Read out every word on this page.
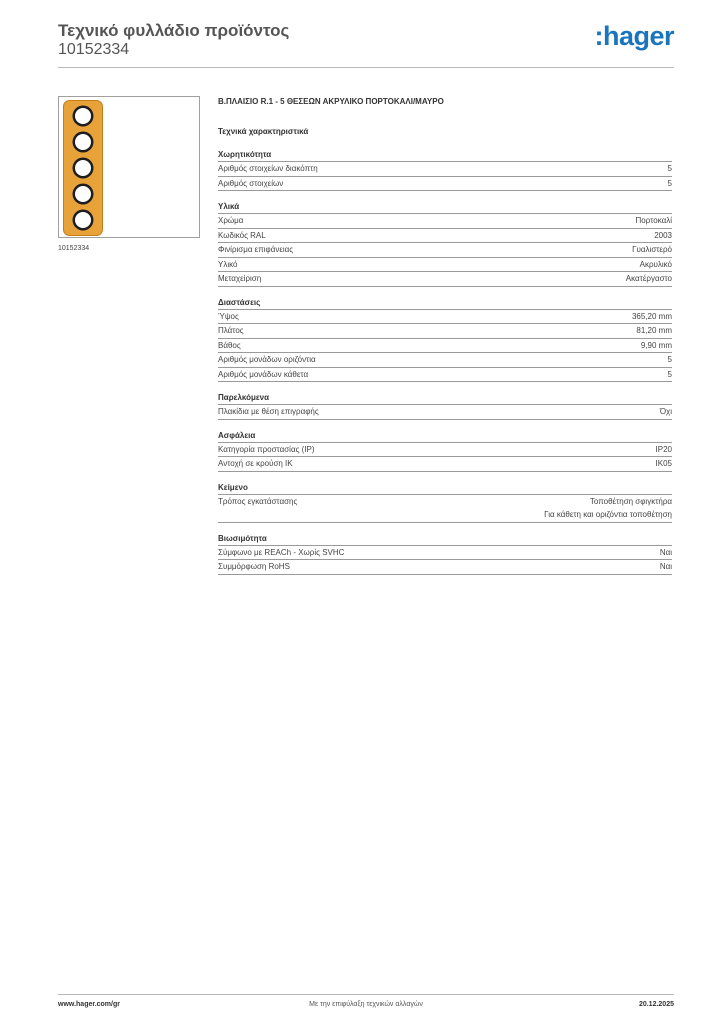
Τεχνικό φυλλάδιο προϊόντος
10152334	:hager
10152334
Β.ΠΛΑΙΣΙΟ R.1 - 5 ΘΕΣΕΩΝ ΑΚΡΥΛΙΚΟ ΠΟΡΤΟΚΑΛΙ/ΜΑΥΡΟ
Τεχνικά χαρακτηριστικά
Χωρητικότητα
Αριθμός στοιχείων διακόπτη	5
Αριθμός στοιχείων	5
Υλικά
Χρώμα	Πορτοκαλί
Κωδικός RAL	2003
Φινίρισμα επιφάνειας	Γυαλιστερό
Υλικό	Ακρυλικό
Μεταχείριση	Ακατέργαστο
Διαστάσεις
Ύψος	365,20 mm
Πλάτος	81,20 mm
Βάθος	9,90 mm
Αριθμός μονάδων οριζόντια	5
Αριθμός μονάδων κάθετα	5
Παρελκόμενα
Πλακίδια με θέση επιγραφής	Όχι
Ασφάλεια
Κατηγορία προστασίας (IP)	IP20
Αντοχή σε κρούση IK	IK05
Κείμενο
Τρόπος εγκατάστασης	Τοποθέτηση σφιγκτήρα
Για κάθετη και οριζόντια τοποθέτηση
Βιωσιμότητα
Σύμφωνο με REACh - Χωρίς SVHC	Ναι
Συμμόρφωση RoHS	Ναι
www.hager.com/gr	Με την επιφύλαξη τεχνικών αλλαγών	20.12.2025
